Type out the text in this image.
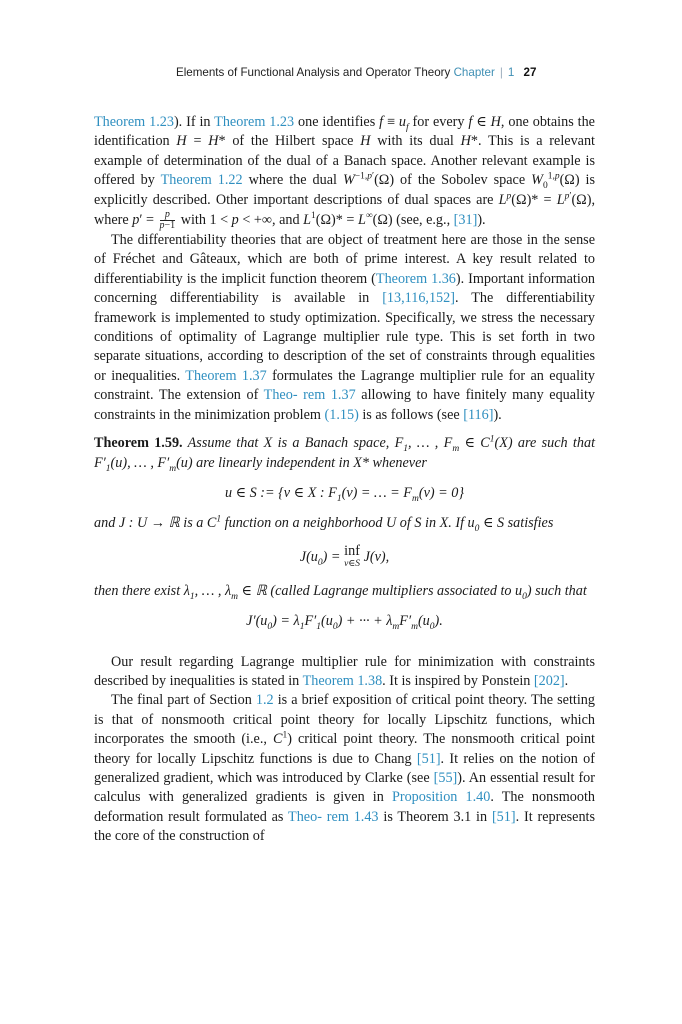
Elements of Functional Analysis and Operator Theory Chapter | 1 27

Theorem 1.23). If in Theorem 1.23 one identifies $f \equiv u_f$ for every f ∈ H, one obtains the identification H = H* of the Hilbert space H with its dual H*. This is a relevant example of determination of the dual of a Banach space. Another relevant example is offered by Theorem 1.22 where the dual $W^{-1,p'}(\Omega)$ of the Sobolev space $W_0^{1,p}(\Omega)$ is explicitly described. Other important descriptions of dual spaces are $L^p(\Omega)* = L^{p'}(\Omega)$, where $p' = \frac{p}{p-1}$ with 1 < p < +∞, and $L^1(\Omega)* = L^\infty(\Omega)$ (see, e.g., [31]).

The differentiability theories that are object of treatment here are those in the sense of Fréchet and Gâteaux, which are both of prime interest. A key result related to differentiability is the implicit function theorem (Theorem 1.36). Important information concerning differentiability is available in [13,116,152]. The differentiability framework is implemented to study optimization. Specifically, we stress the necessary conditions of optimality of Lagrange multiplier rule type. This is set forth in two separate situations, according to description of the set of constraints through equalities or inequalities. Theorem 1.37 formulates the Lagrange multiplier rule for an equality constraint. The extension of Theo- rem 1.37 allowing to have finitely many equality constraints in the minimization problem (1.15) is as follows (see [116]).

Theorem 1.59. Assume that X is a Banach space, $F_1$, … , $F_m$ ∈ $C^1(X)$ are such that $F'_1(u)$, … , $F'_m(u)$ are linearly independent in X* whenever

u ∈ S := {v ∈ X : $F_1(v)$ = … = $F_m(v) = 0$}

and J : U → ℝ is a $C^1$ function on a neighborhood U of S in X. If $u_0$ ∈ S satisfies

$J(u_0)$ = inf
v∈S J(v),

then there exist $\lambda_1$, … , $\lambda_m$ ∈ ℝ (called Lagrange multipliers associated to $u_0$) such that

$J'(u_0) = \lambda_1F'_1(u_0)$ + ··· + $\lambda_mF'_m(u_0)$.

Our result regarding Lagrange multiplier rule for minimization with constraints described by inequalities is stated in Theorem 1.38. It is inspired by Ponstein [202].

The final part of Section 1.2 is a brief exposition of critical point theory. The setting is that of nonsmooth critical point theory for locally Lipschitz functions, which incorporates the smooth (i.e., $C^1$) critical point theory. The nonsmooth critical point theory for locally Lipschitz functions is due to Chang [51]. It relies on the notion of generalized gradient, which was introduced by Clarke (see [55]). An essential result for calculus with generalized gradients is given in Proposition 1.40. The nonsmooth deformation result formulated as Theo- rem 1.43 is Theorem 3.1 in [51]. It represents the core of the construction of
